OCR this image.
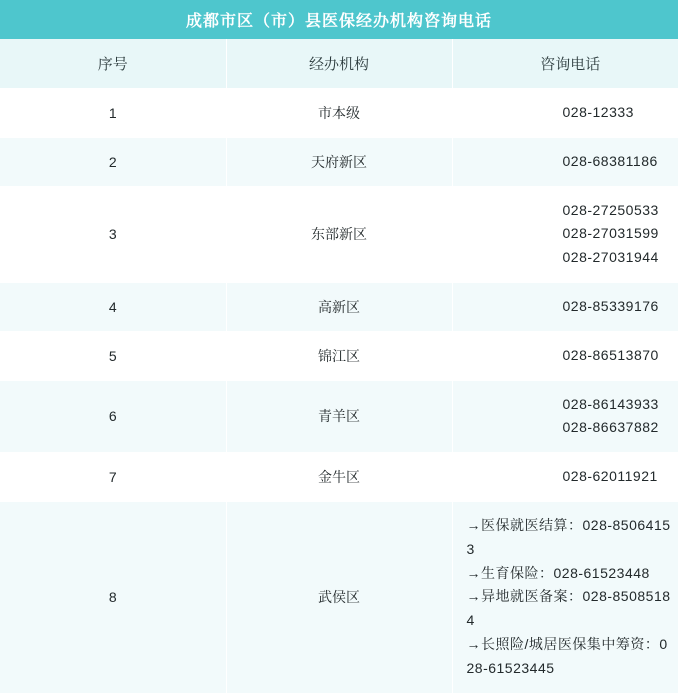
成都市区（市）县医保经办机构咨询电话		
序号	经办机构	咨询电话
1	市本级	028-12333

2	天府新区	028-68381186

3	东部新区	028-27250533
028-27031599
028-27031944

4	高新区	028-85339176

5	锦江区	028-86513870

6	青羊区	028-86143933
028-86637882

7	金牛区	028-62011921

8	武侯区	→医保就医结算：028-85064153
→生育保险：028-61523448
→异地就医备案：028-85085184
→长照险/城居医保集中筹资：028-61523445
